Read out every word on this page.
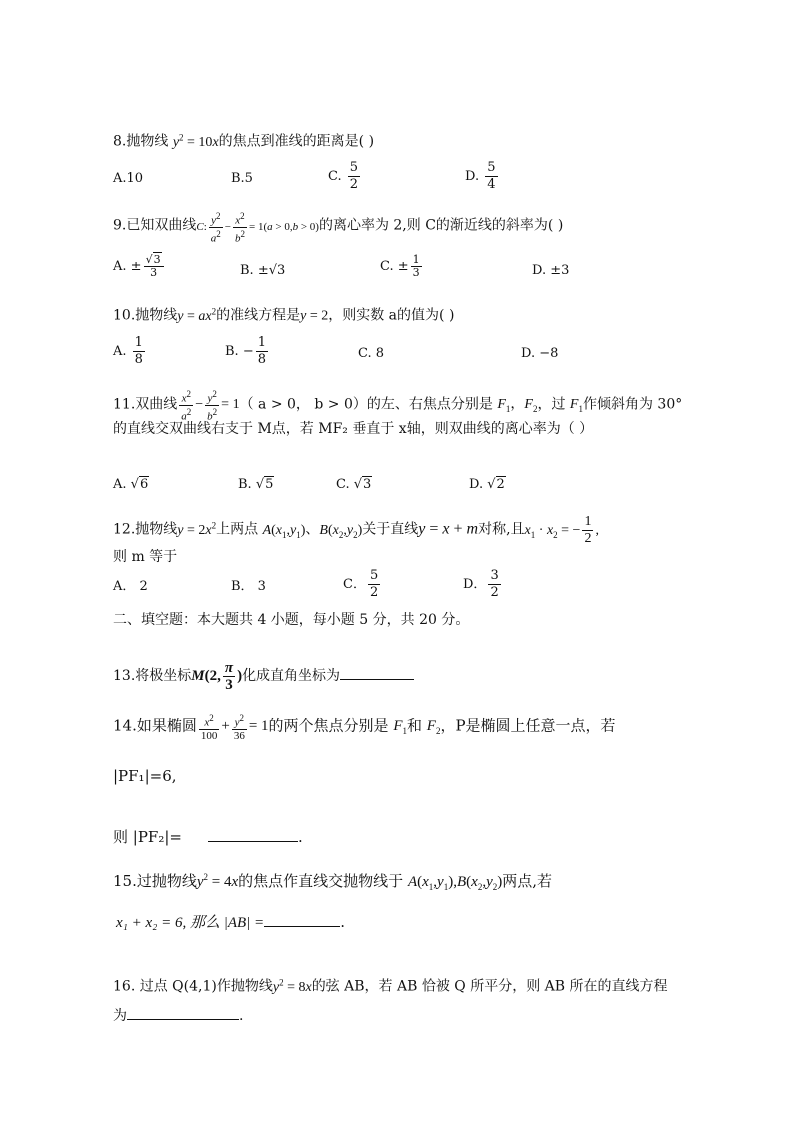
8.抛物线 $y^2 = 10x$的焦点到准线的距离是( )
A.10	B.5	C. $\frac{5}{2}$	D. $\frac{5}{4}$
9.已知双曲线C: $\frac{y^2}{a^2} - \frac{x^2}{b^2} = 1(a > 0,b > 0)$的离心率为 2,则 C的渐近线的斜率为( )
A. ± $\frac{√3}{3}$	B. ±√3	C. ± $\frac{1}{3}$	D. ±3
10.抛物线$y = ax^2$的准线方程是y = 2，则实数 a的值为( )
A. $\frac{1}{8}$	B. − $\frac{1}{8}$	C. 8	D. −8
11.双曲线 $\frac{x^2}{a^2} - \frac{y^2}{b^2} = 1$（ a > 0， b > 0）的左、右焦点分别是 $F_1$，$F_2$，过 $F_1$作倾斜角为 30°
的直线交双曲线右支于 M点，若 MF₂ 垂直于 x轴，则双曲线的离心率为（ ）
A. √6	B. √5	C. √3	D. √2
12.抛物线$y = 2x^2$上两点 $A(x_1,y_1)$、$B(x_2,y_2)$关于直线y = x + m对称,且$x_1 \cdot x_2$ = − $\frac{1}{2}$ ,
则 m 等于
A． 2	B． 3	C． $\frac{5}{2}$	D． $\frac{3}{2}$
二、填空题：本大题共 4 小题，每小题 5 分，共 20 分。
13.将极坐标M(2, $\frac{\pi}{3}$ )化成直角坐标为
14.如果椭圆 $\frac{x^2}{100} + \frac{y^2}{36} = 1$的两个焦点分别是 $F_1$和 $F_2$，P是椭圆上任意一点，若
|PF₁|=6,
则 |PF₂|=	.
15.过抛物线$y^2 = 4x$的焦点作直线交抛物线于 $A(x_1,y_1),B(x_2,y_2)$两点,若
x₁ + x₂ = 6, 那么 |AB| =	.
16. 过点 Q(4,1)作抛物线$y^2 = 8x$的弦 AB，若 AB 恰被 Q 所平分，则 AB 所在的直线方程
为	.
